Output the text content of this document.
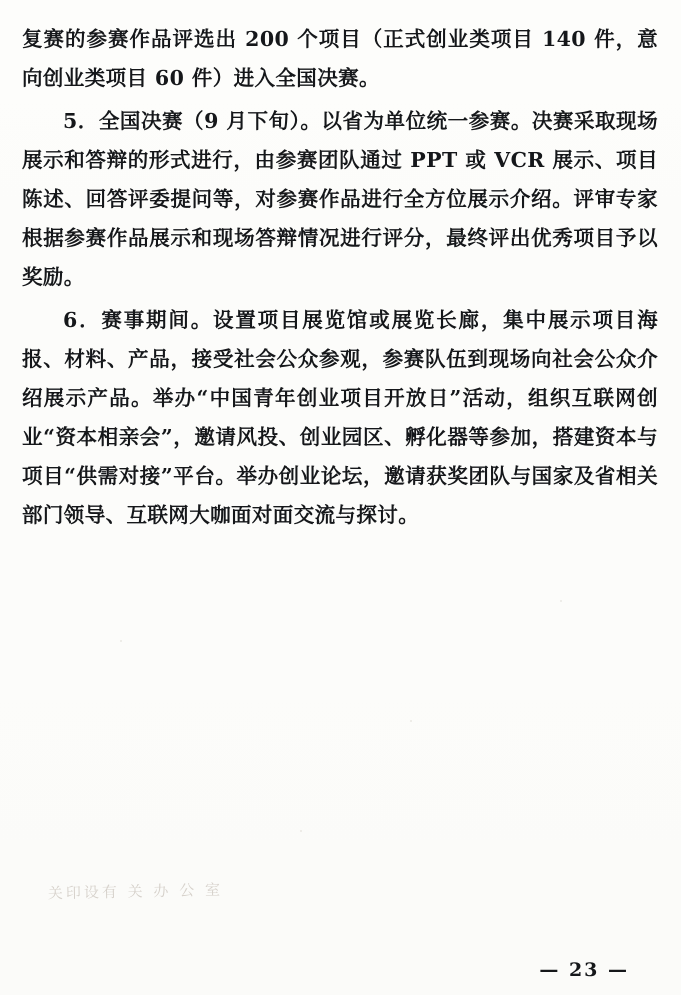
复赛的参赛作品评选出 200 个项目（正式创业类项目 140 件，意向创业类项目 60 件）进入全国决赛。

5．全国决赛（9 月下旬）。以省为单位统一参赛。决赛采取现场展示和答辩的形式进行，由参赛团队通过 PPT 或 VCR 展示、项目陈述、回答评委提问等，对参赛作品进行全方位展示介绍。评审专家根据参赛作品展示和现场答辩情况进行评分，最终评出优秀项目予以奖励。

6．赛事期间。设置项目展览馆或展览长廊，集中展示项目海报、材料、产品，接受社会公众参观，参赛队伍到现场向社会公众介绍展示产品。举办“中国青年创业项目开放日”活动，组织互联网创业“资本相亲会”，邀请风投、创业园区、孵化器等参加，搭建资本与项目“供需对接”平台。举办创业论坛，邀请获奖团队与国家及省相关部门领导、互联网大咖面对面交流与探讨。

关印设有 关 办 公 室
— 23 —
